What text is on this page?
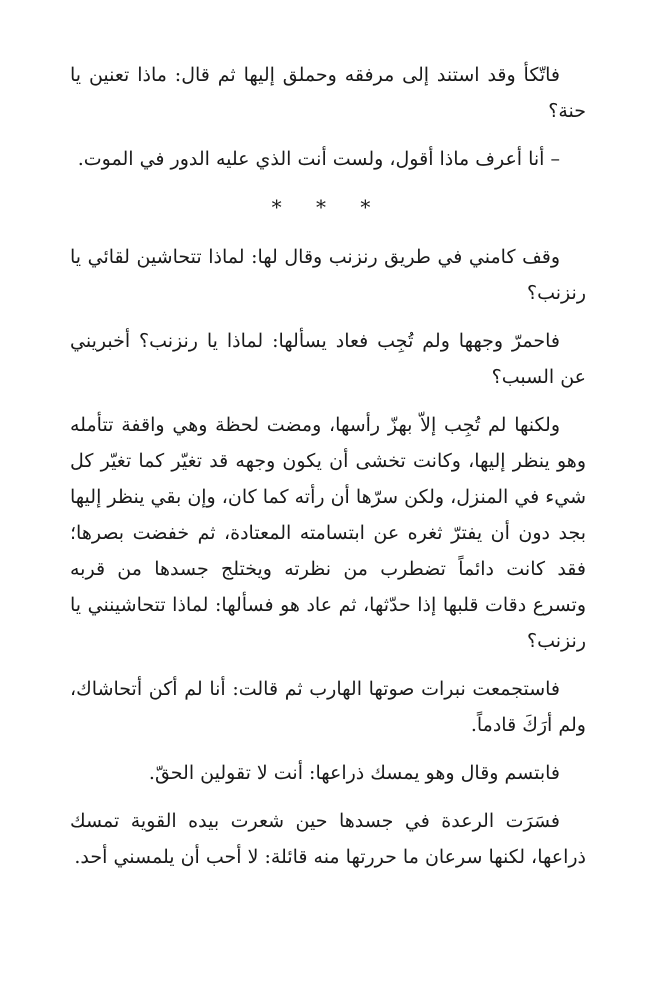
فاتّكأ وقد استند إلى مرفقه وحملق إليها ثم قال: ماذا تعنين يا حنة؟

– أنا أعرف ماذا أقول، ولست أنت الذي عليه الدور في الموت.

* * *

وقف كامني في طريق رنزنب وقال لها: لماذا تتحاشين لقائي يا رنزنب؟

فاحمرّ وجهها ولم تُجِب فعاد يسألها: لماذا يا رنزنب؟ أخبريني عن السبب؟

ولكنها لم تُجِب إلاّ بهزّ رأسها، ومضت لحظة وهي واقفة تتأمله وهو ينظر إليها، وكانت تخشى أن يكون وجهه قد تغيّر كما تغيّر كل شيء في المنزل، ولكن سرّها أن رأته كما كان، وإن بقي ينظر إليها بجد دون أن يفترّ ثغره عن ابتسامته المعتادة، ثم خفضت بصرها؛ فقد كانت دائماً تضطرب من نظرته ويختلج جسدها من قربه وتسرع دقات قلبها إذا حدّثها، ثم عاد هو فسألها: لماذا تتحاشينني يا رنزنب؟

فاستجمعت نبرات صوتها الهارب ثم قالت: أنا لم أكن أتحاشاك، ولم أرَكَ قادماً.

فابتسم وقال وهو يمسك ذراعها: أنت لا تقولين الحقّ.

فسَرَت الرعدة في جسدها حين شعرت بيده القوية تمسك ذراعها، لكنها سرعان ما حررتها منه قائلة: لا أحب أن يلمسني أحد.
